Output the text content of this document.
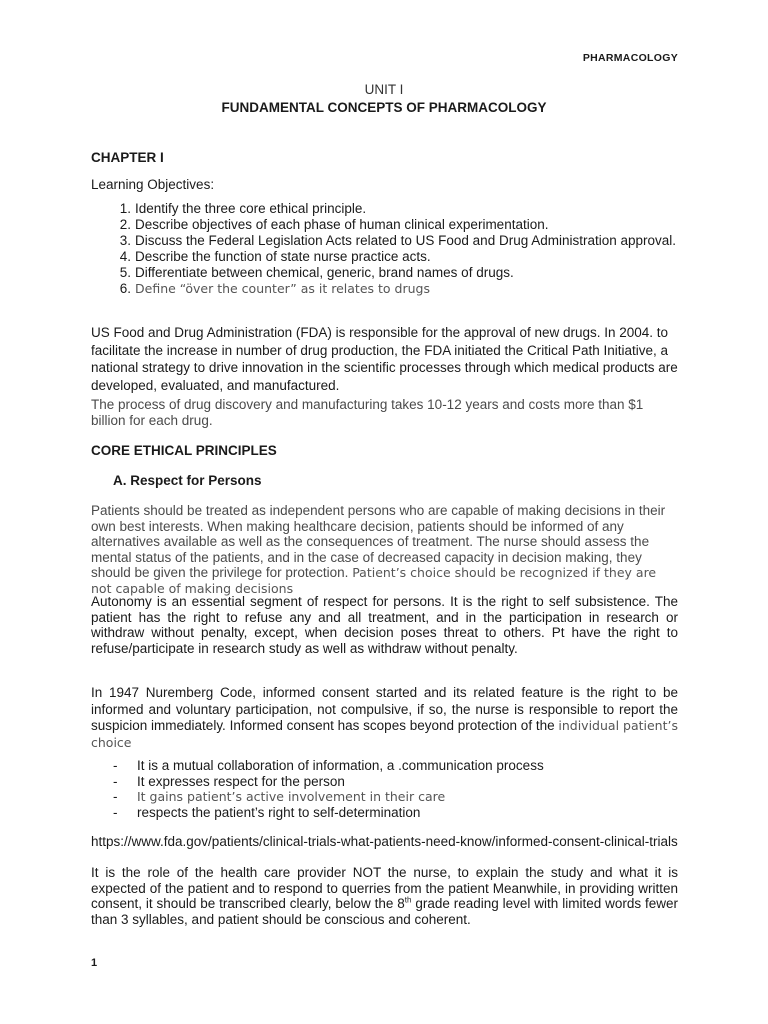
PHARMACOLOGY
UNIT I
FUNDAMENTAL CONCEPTS OF PHARMACOLOGY
CHAPTER I
Learning Objectives:
1. Identify the three core ethical principle.
2. Describe objectives of each phase of human clinical experimentation.
3. Discuss the Federal Legislation Acts related to US Food and Drug Administration approval.
4. Describe the function of state nurse practice acts.
5. Differentiate between chemical, generic, brand names of drugs.
6. Define “över the counter” as it relates to drugs

US Food and Drug Administration (FDA) is responsible for the approval of new drugs. In 2004. to facilitate the increase in number of drug production, the FDA initiated the Critical Path Initiative, a national strategy to drive innovation in the scientific processes through which medical products are developed, evaluated, and manufactured.

The process of drug discovery and manufacturing takes 10-12 years and costs more than $1 billion for each drug.

CORE ETHICAL PRINCIPLES
A. Respect for Persons

Patients should be treated as independent persons who are capable of making decisions in their own best interests. When making healthcare decision, patients should be informed of any alternatives available as well as the consequences of treatment. The nurse should assess the mental status of the patients, and in the case of decreased capacity in decision making, they should be given the privilege for protection. Patient’s choice should be recognized if they are not capable of making decisions

Autonomy is an essential segment of respect for persons. It is the right to self subsistence. The patient has the right to refuse any and all treatment, and in the participation in research or withdraw without penalty, except, when decision poses threat to others. Pt have the right to refuse/participate in research study as well as withdraw without penalty.

In 1947 Nuremberg Code, informed consent started and its related feature is the right to be informed and voluntary participation, not compulsive, if so, the nurse is responsible to report the suspicion immediately. Informed consent has scopes beyond protection of the individual patient’s choice

- It is a mutual collaboration of information, a .communication process
- It expresses respect for the person
- It gains patient’s active involvement in their care
- respects the patient’s right to self-determination

https://www.fda.gov/patients/clinical-trials-what-patients-need-know/informed-consent-clinical-trials

It is the role of the health care provider NOT the nurse, to explain the study and what it is expected of the patient and to respond to querries from the patient Meanwhile, in providing written consent, it should be transcribed clearly, below the 8th grade reading level with limited words fewer than 3 syllables, and patient should be conscious and coherent.

1
